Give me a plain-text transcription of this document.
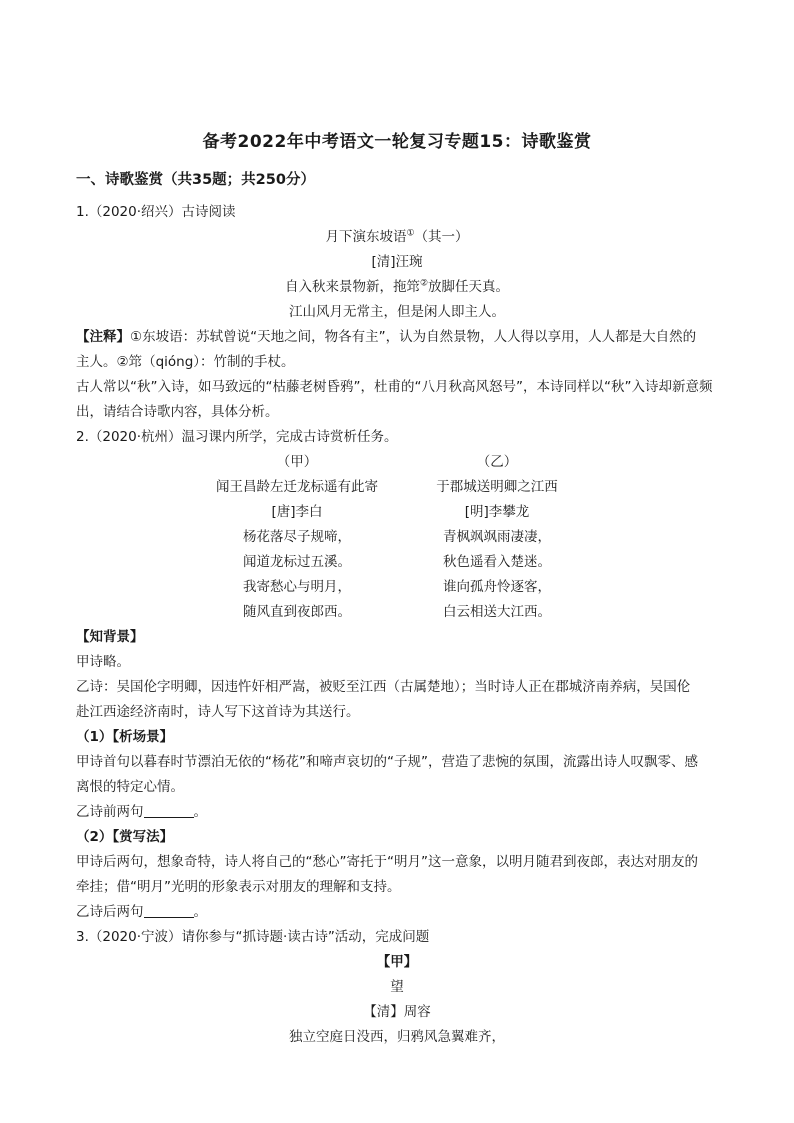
备考2022年中考语文一轮复习专题15：诗歌鉴赏
一、诗歌鉴赏（共35题；共250分）
1.（2020·绍兴）古诗阅读
月下演东坡语①（其一）
[清]汪琬
自入秋来景物新，拖筇②放脚任天真。
江山风月无常主，但是闲人即主人。
【注释】①东坡语：苏轼曾说“天地之间，物各有主”，认为自然景物，人人得以享用，人人都是大自然的
主人。②筇（qióng）：竹制的手杖。
古人常以“秋”入诗，如马致远的“枯藤老树昏鸦”，杜甫的“八月秋高风怒号”，本诗同样以“秋”入诗却新意频
出，请结合诗歌内容，具体分析。
2.（2020·杭州）温习课内所学，完成古诗赏析任务。
（甲）	（乙）
闻王昌龄左迁龙标遥有此寄	于郡城送明卿之江西
[唐]李白	[明]李攀龙
杨花落尽子规啼，	青枫飒飒雨凄凄，
闻道龙标过五溪。	秋色遥看入楚迷。
我寄愁心与明月，	谁向孤舟怜逐客，
随风直到夜郎西。	白云相送大江西。
【知背景】
甲诗略。
乙诗：吴国伦字明卿，因违忤奸相严嵩，被贬至江西（古属楚地）；当时诗人正在郡城济南养病，吴国伦
赴江西途经济南时，诗人写下这首诗为其送行。
（1）【析场景】
甲诗首句以暮春时节漂泊无依的“杨花”和啼声哀切的“子规”，营造了悲惋的氛围，流露出诗人叹飘零、感
离恨的特定心情。
乙诗前两句	。
（2）【赏写法】
甲诗后两句，想象奇特，诗人将自己的“愁心”寄托于“明月”这一意象，以明月随君到夜郎，表达对朋友的
牵挂；借“明月”光明的形象表示对朋友的理解和支持。
乙诗后两句	。
3.（2020·宁波）请你参与“抓诗题·读古诗”活动，完成问题
【甲】
望
【清】周容
独立空庭日没西，归鸦风急翼难齐，
